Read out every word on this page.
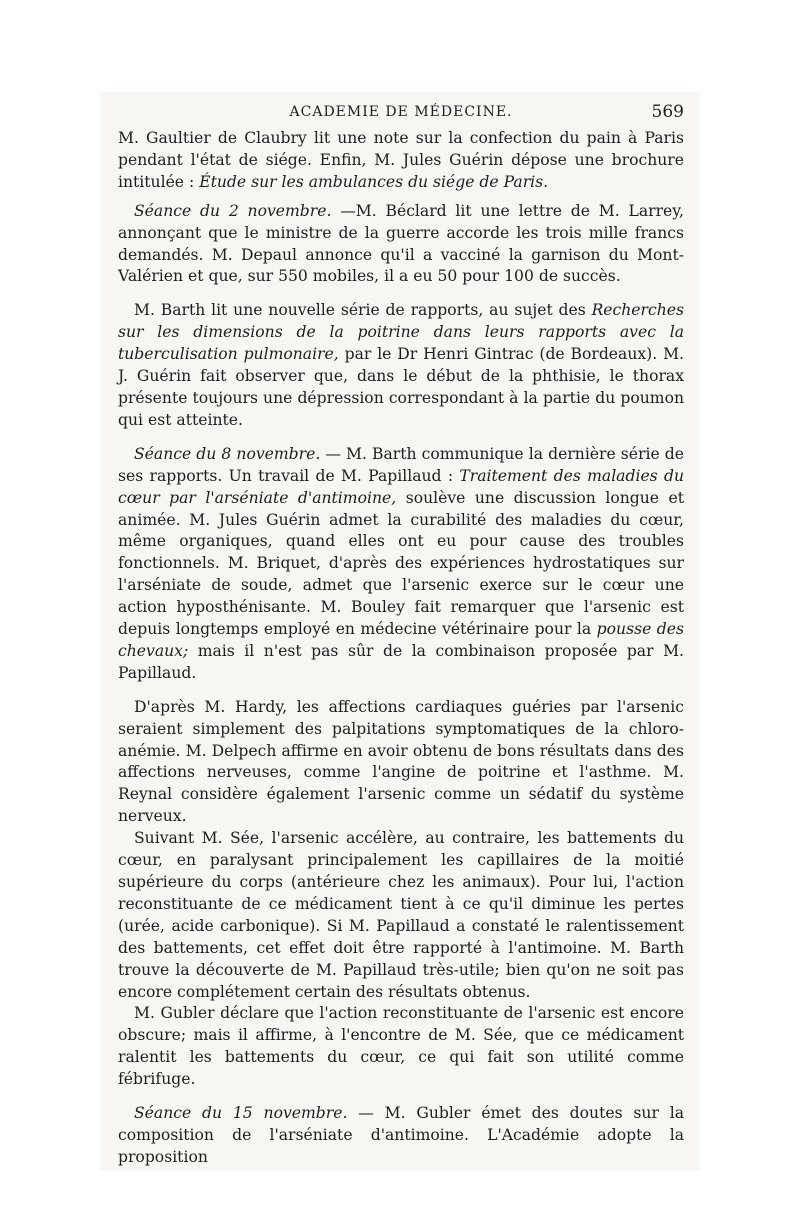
ACADEMIE DE MÉDECINE.	569

M. Gaultier de Claubry lit une note sur la confection du pain à Paris pendant l'état de siége. Enfin, M. Jules Guérin dépose une brochure intitulée : Étude sur les ambulances du siége de Paris.

Séance du 2 novembre. —M. Béclard lit une lettre de M. Larrey, annonçant que le ministre de la guerre accorde les trois mille francs demandés. M. Depaul annonce qu'il a vacciné la garnison du Mont-Valérien et que, sur 550 mobiles, il a eu 50 pour 100 de succès.

M. Barth lit une nouvelle série de rapports, au sujet des Recherches sur les dimensions de la poitrine dans leurs rapports avec la tuberculisation pulmonaire, par le Dr Henri Gintrac (de Bordeaux). M. J. Guérin fait observer que, dans le début de la phthisie, le thorax présente toujours une dépression correspondant à la partie du poumon qui est atteinte.

Séance du 8 novembre. — M. Barth communique la dernière série de ses rapports. Un travail de M. Papillaud : Traitement des maladies du cœur par l'arséniate d'antimoine, soulève une discussion longue et animée. M. Jules Guérin admet la curabilité des maladies du cœur, même organiques, quand elles ont eu pour cause des troubles fonctionnels. M. Briquet, d'après des expériences hydrostatiques sur l'arséniate de soude, admet que l'arsenic exerce sur le cœur une action hyposthénisante. M. Bouley fait remarquer que l'arsenic est depuis longtemps employé en médecine vétérinaire pour la pousse des chevaux; mais il n'est pas sûr de la combinaison proposée par M. Papillaud.

D'après M. Hardy, les affections cardiaques guéries par l'arsenic seraient simplement des palpitations symptomatiques de la chloro-anémie. M. Delpech affirme en avoir obtenu de bons résultats dans des affections nerveuses, comme l'angine de poitrine et l'asthme. M. Reynal considère également l'arsenic comme un sédatif du système nerveux.

Suivant M. Sée, l'arsenic accélère, au contraire, les battements du cœur, en paralysant principalement les capillaires de la moitié supérieure du corps (antérieure chez les animaux). Pour lui, l'action reconstituante de ce médicament tient à ce qu'il diminue les pertes (urée, acide carbonique). Si M. Papillaud a constaté le ralentissement des battements, cet effet doit être rapporté à l'antimoine. M. Barth trouve la découverte de M. Papillaud très-utile; bien qu'on ne soit pas encore complétement certain des résultats obtenus.

M. Gubler déclare que l'action reconstituante de l'arsenic est encore obscure; mais il affirme, à l'encontre de M. Sée, que ce médicament ralentit les battements du cœur, ce qui fait son utilité comme fébrifuge.

Séance du 15 novembre. — M. Gubler émet des doutes sur la composition de l'arséniate d'antimoine. L'Académie adopte la proposition
